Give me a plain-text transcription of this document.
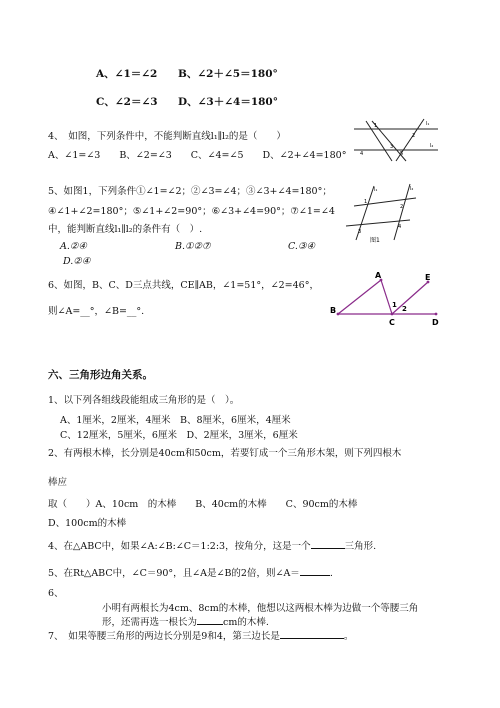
A、∠1＝∠2 B、∠2＋∠5＝180°
C、∠2＝∠3 D、∠3＋∠4＝180°
4、　如图，下列条件中，不能判断直线l₁∥l₂的是（　　）
A、∠1=∠3　　B、∠2=∠3　　C、∠4=∠5　　D、∠2+∠4=180°
l₁
l₂
1
2
3
4	5
5、如图1，下列条件①∠1=∠2；②∠3=∠4；③∠3+∠4=180°；
④∠1+∠2=180°；⑤∠1+∠2=90°；⑥∠3+∠4=90°；⑦∠1=∠4
中，能判断直线l₁∥l₂的条件有（　）.
A.②④	B.①②⑦	C.③④
D.②④
l₁	l₂
1
2
3
4
图1
6、如图，B、C、D三点共线，CE∥AB，∠1=51°，∠2=46°，
则∠A=__°，∠B=__°.
A	E
B
C	D
1 2
六、三角形边角关系。
1、以下列各组线段能组成三角形的是（　）。
A、1厘米，2厘米，4厘米　B、8厘米，6厘米，4厘米
C、12厘米，5厘米，6厘米　D、2厘米，3厘米，6厘米
2、有两根木棒，长分别是40cm和50cm，若要钉成一个三角形木架，则下列四根木
棒应
取（　　）A、10cm　的木棒　　B、40cm的木棒　　C、90cm的木棒
D、100cm的木棒
4、在△ABC中，如果∠A:∠B:∠C＝1:2:3，按角分，这是一个	三角形.
5、在Rt△ABC中，∠C＝90°，且∠A是∠B的2倍，则∠A＝	.
6、
小明有两根长为4cm、8cm的木棒，他想以这两根木棒为边做一个等腰三角
形，还需再选一根长为	cm的木棒.
7、　如果等腰三角形的两边长分别是9和4，第三边长是	。
